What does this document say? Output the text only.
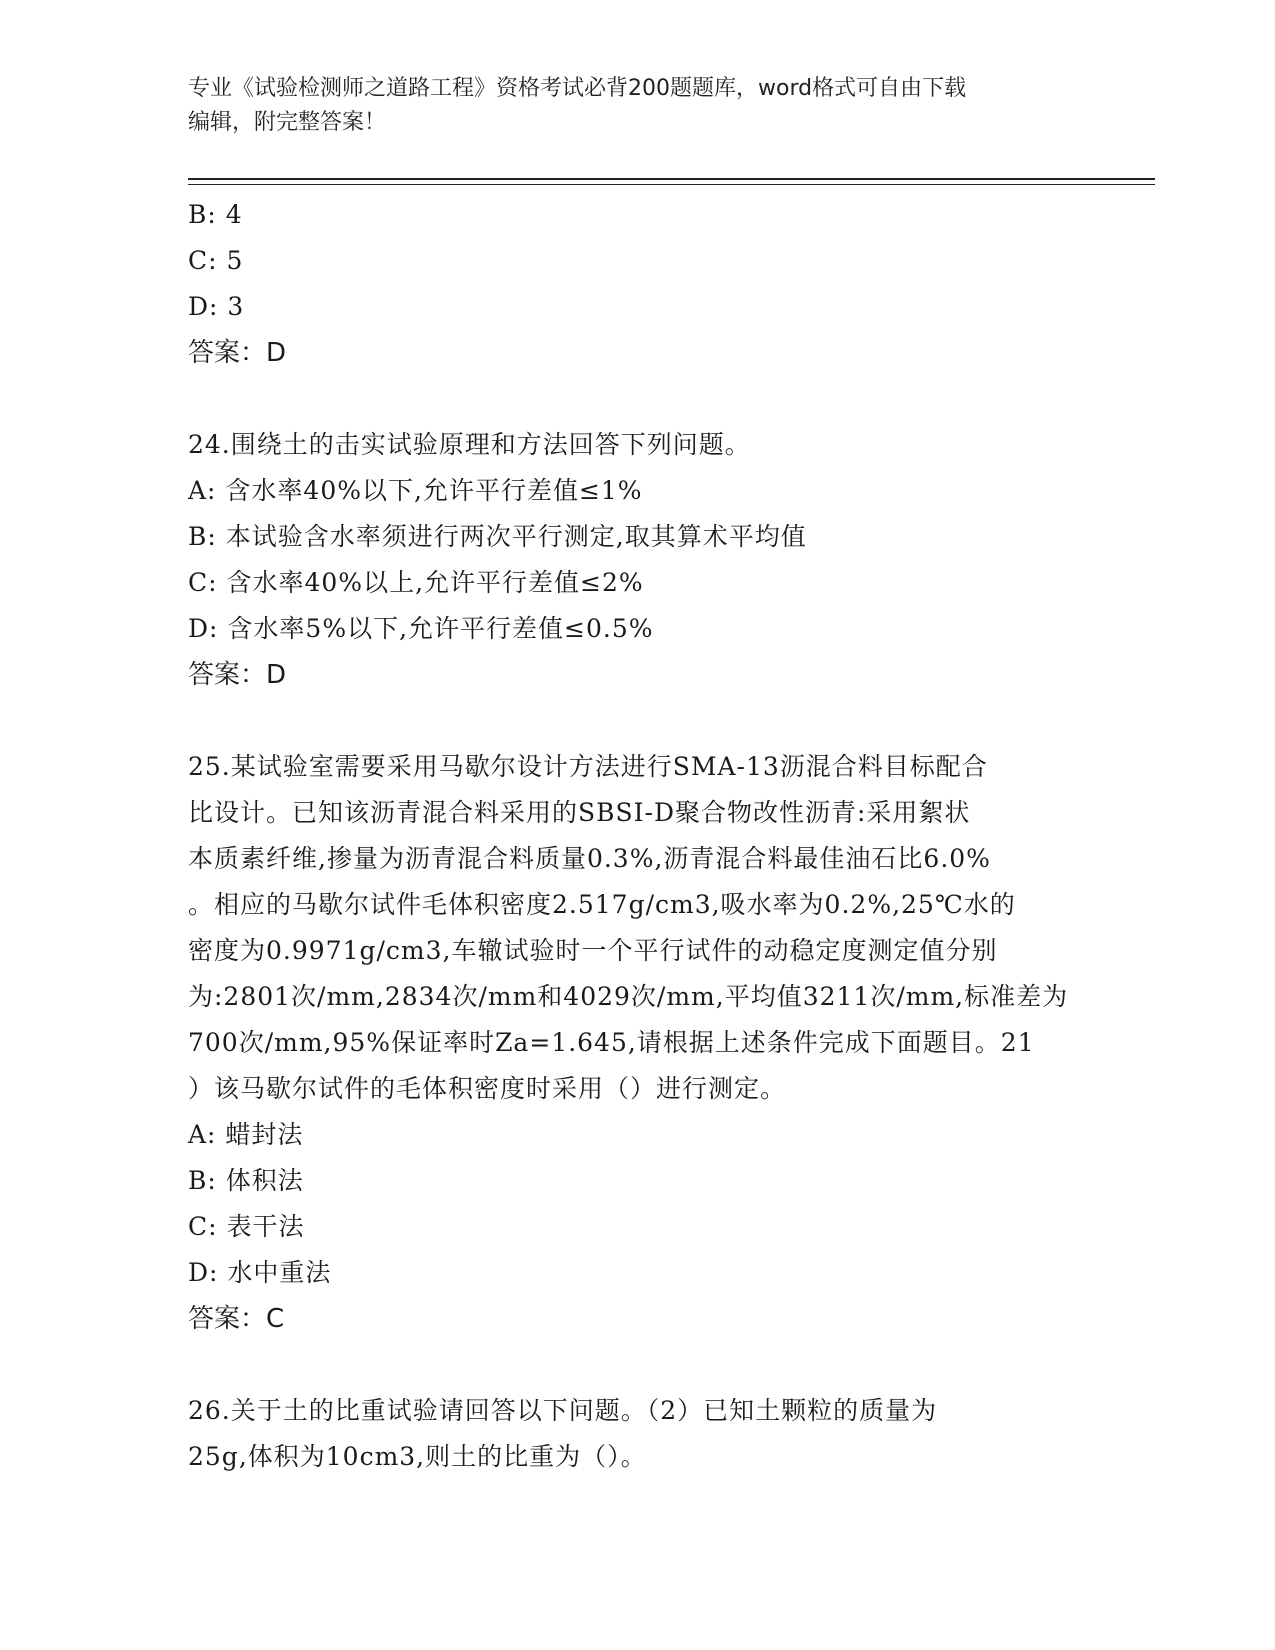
专业《试验检测师之道路工程》资格考试必背200题题库，word格式可自由下载
编辑，附完整答案！
B: 4
C: 5
D: 3
答案：D
24.围绕土的击实试验原理和方法回答下列问题。
A: 含水率40%以下,允许平行差值≤1%
B: 本试验含水率须进行两次平行测定,取其算术平均值
C: 含水率40%以上,允许平行差值≤2%
D: 含水率5%以下,允许平行差值≤0.5%
答案：D
25.某试验室需要采用马歇尔设计方法进行SMA-13沥混合料目标配合
比设计。已知该沥青混合料采用的SBSI-D聚合物改性沥青:采用絮状
本质素纤维,掺量为沥青混合料质量0.3%,沥青混合料最佳油石比6.0%
。相应的马歇尔试件毛体积密度2.517g/cm3,吸水率为0.2%,25℃水的
密度为0.9971g/cm3,车辙试验时一个平行试件的动稳定度测定值分别
为:2801次/mm,2834次/mm和4029次/mm,平均值3211次/mm,标准差为
700次/mm,95%保证率时Za=1.645,请根据上述条件完成下面题目。21
）该马歇尔试件的毛体积密度时采用（）进行测定。
A: 蜡封法
B: 体积法
C: 表干法
D: 水中重法
答案：C
26.关于土的比重试验请回答以下问题。（2）已知土颗粒的质量为
25g,体积为10cm3,则土的比重为（）。
